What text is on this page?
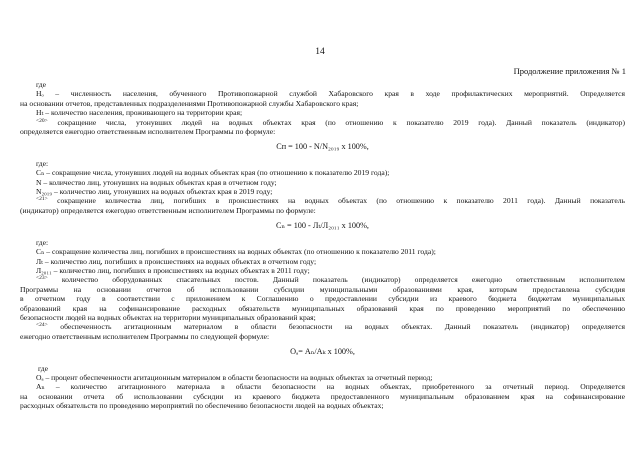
14
Продолжение приложения № 1
где
Нₒ – численность населения, обученного Противопожарной службой Хабаровского края в ходе профилактических мероприятий. Определяется
на основании отчетов, представленных подразделениями Противопожарной службы Хабаровского края;
Нₜ – количество населения, проживающего на территории края;
$^{<20>}$ сокращение числа, утонувших людей на водных объектах края (по отношению к показателю 2019 года). Данный показатель (индикатор)
определяется ежегодно ответственным исполнителем Программы по формуле:
Сп = 100 - N/N₂₀₁₉ x 100%,
где:
Сₙ – сокращение числа, утонувших людей на водных объектах края (по отношению к показателю 2019 года);
N – количество лиц, утонувших на водных объектах края в отчетном году;
N₂₀₁₉ – количество лиц, утонувших на водных объектах края в 2019 году;
$^{<21>}$ сокращение количества лиц, погибших в происшествиях на водных объектах (по отношению к показателю 2011 года). Данный показатель
(индикатор) определяется ежегодно ответственным исполнителем Программы по формуле:
Сₙ = 100 - Лₜ/Л₂₀₁₁ x 100%,
где:
Сₙ – сокращение количества лиц, погибших в происшествиях на водных объектах (по отношению к показателю 2011 года);
Лₜ – количество лиц, погибших в происшествиях на водных объектах в отчетном году;
Л₂₀₁₁ – количество лиц, погибших в происшествиях на водных объектах в 2011 году;
$^{<23>}$ количество оборудованных спасательных постов. Данный показатель (индикатор) определяется ежегодно ответственным исполнителем
Программы на основании отчетов об использовании субсидии муниципальными образованиями края, которым предоставлена субсидия
в отчетном году в соответствии с приложением к Соглашению о предоставлении субсидии из краевого бюджета бюджетам муниципальных
образований края на софинансирование расходных обязательств муниципальных образований края по проведению мероприятий по обеспечению
безопасности людей на водных объектах на территории муниципальных образований края;
$^{<24>}$ обеспеченность агитационным материалом в области безопасности на водных объектах. Данный показатель (индикатор) определяется
ежегодно ответственным исполнителем Программы по следующей формуле:
Оₐ= Аₙ/Аₖ x 100%,
где
Оₐ – процент обеспеченности агитационным материалом в области безопасности на водных объектах за отчетный период;
Аₙ – количество агитационного материала в области безопасности на водных объектах, приобретенного за отчетный период. Определяется
на основании отчета об использовании субсидии из краевого бюджета предоставленного муниципальным образованием края на софинансирование
расходных обязательств по проведению мероприятий по обеспечению безопасности людей на водных объектах;
